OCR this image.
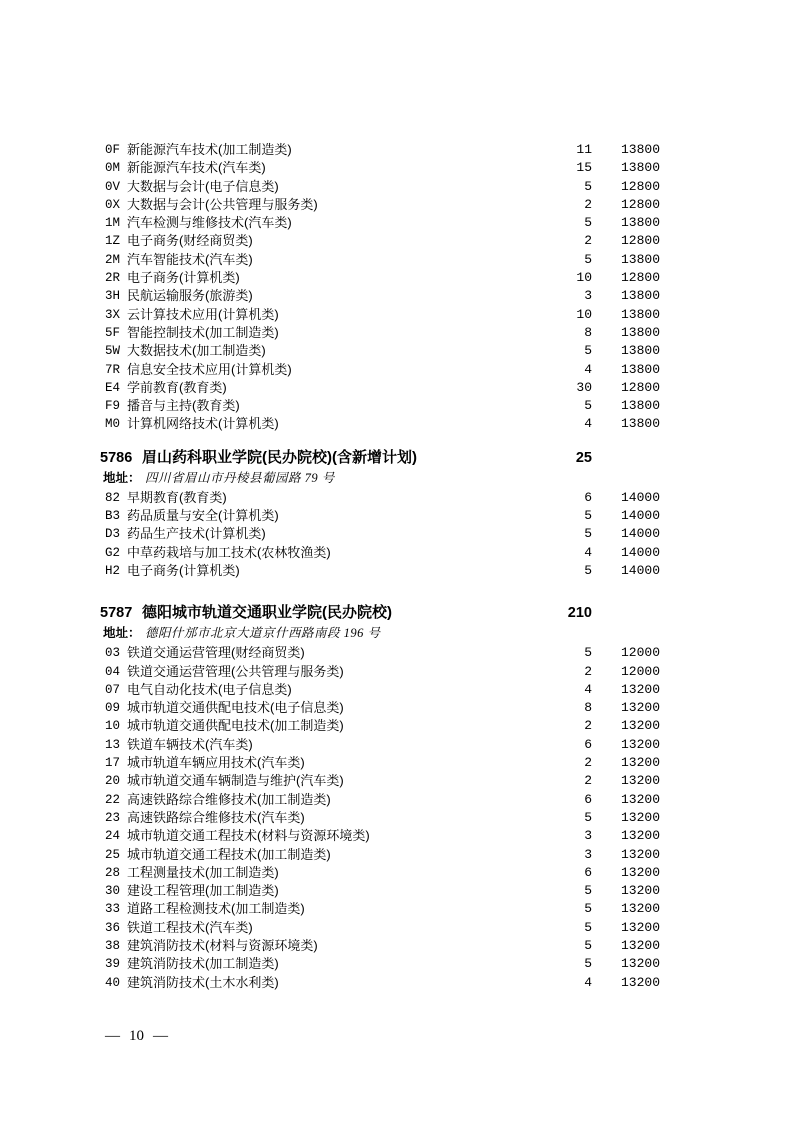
0F 新能源汽车技术(加工制造类)	11	13800
0M 新能源汽车技术(汽车类)	15	13800
0V 大数据与会计(电子信息类)	5	12800
0X 大数据与会计(公共管理与服务类)	2	12800
1M 汽车检测与维修技术(汽车类)	5	13800
1Z 电子商务(财经商贸类)	2	12800
2M 汽车智能技术(汽车类)	5	13800
2R 电子商务(计算机类)	10	12800
3H 民航运输服务(旅游类)	3	13800
3X 云计算技术应用(计算机类)	10	13800
5F 智能控制技术(加工制造类)	8	13800
5W 大数据技术(加工制造类)	5	13800
7R 信息安全技术应用(计算机类)	4	13800
E4 学前教育(教育类)	30	12800
F9 播音与主持(教育类)	5	13800
M0 计算机网络技术(计算机类)	4	13800
5786 眉山药科职业学院(民办院校)(含新增计划)	25
地址： 四川省眉山市丹棱县葡园路 79 号
82 早期教育(教育类)	6	14000
B3 药品质量与安全(计算机类)	5	14000
D3 药品生产技术(计算机类)	5	14000
G2 中草药栽培与加工技术(农林牧渔类)	4	14000
H2 电子商务(计算机类)	5	14000
5787 德阳城市轨道交通职业学院(民办院校)	210
地址： 德阳什邡市北京大道京什西路南段 196 号
03 铁道交通运营管理(财经商贸类)	5	12000
04 铁道交通运营管理(公共管理与服务类)	2	12000
07 电气自动化技术(电子信息类)	4	13200
09 城市轨道交通供配电技术(电子信息类)	8	13200
10 城市轨道交通供配电技术(加工制造类)	2	13200
13 铁道车辆技术(汽车类)	6	13200
17 城市轨道车辆应用技术(汽车类)	2	13200
20 城市轨道交通车辆制造与维护(汽车类)	2	13200
22 高速铁路综合维修技术(加工制造类)	6	13200
23 高速铁路综合维修技术(汽车类)	5	13200
24 城市轨道交通工程技术(材料与资源环境类)	3	13200
25 城市轨道交通工程技术(加工制造类)	3	13200
28 工程测量技术(加工制造类)	6	13200
30 建设工程管理(加工制造类)	5	13200
33 道路工程检测技术(加工制造类)	5	13200
36 铁道工程技术(汽车类)	5	13200
38 建筑消防技术(材料与资源环境类)	5	13200
39 建筑消防技术(加工制造类)	5	13200
40 建筑消防技术(土木水利类)	4	13200
— 10 —
